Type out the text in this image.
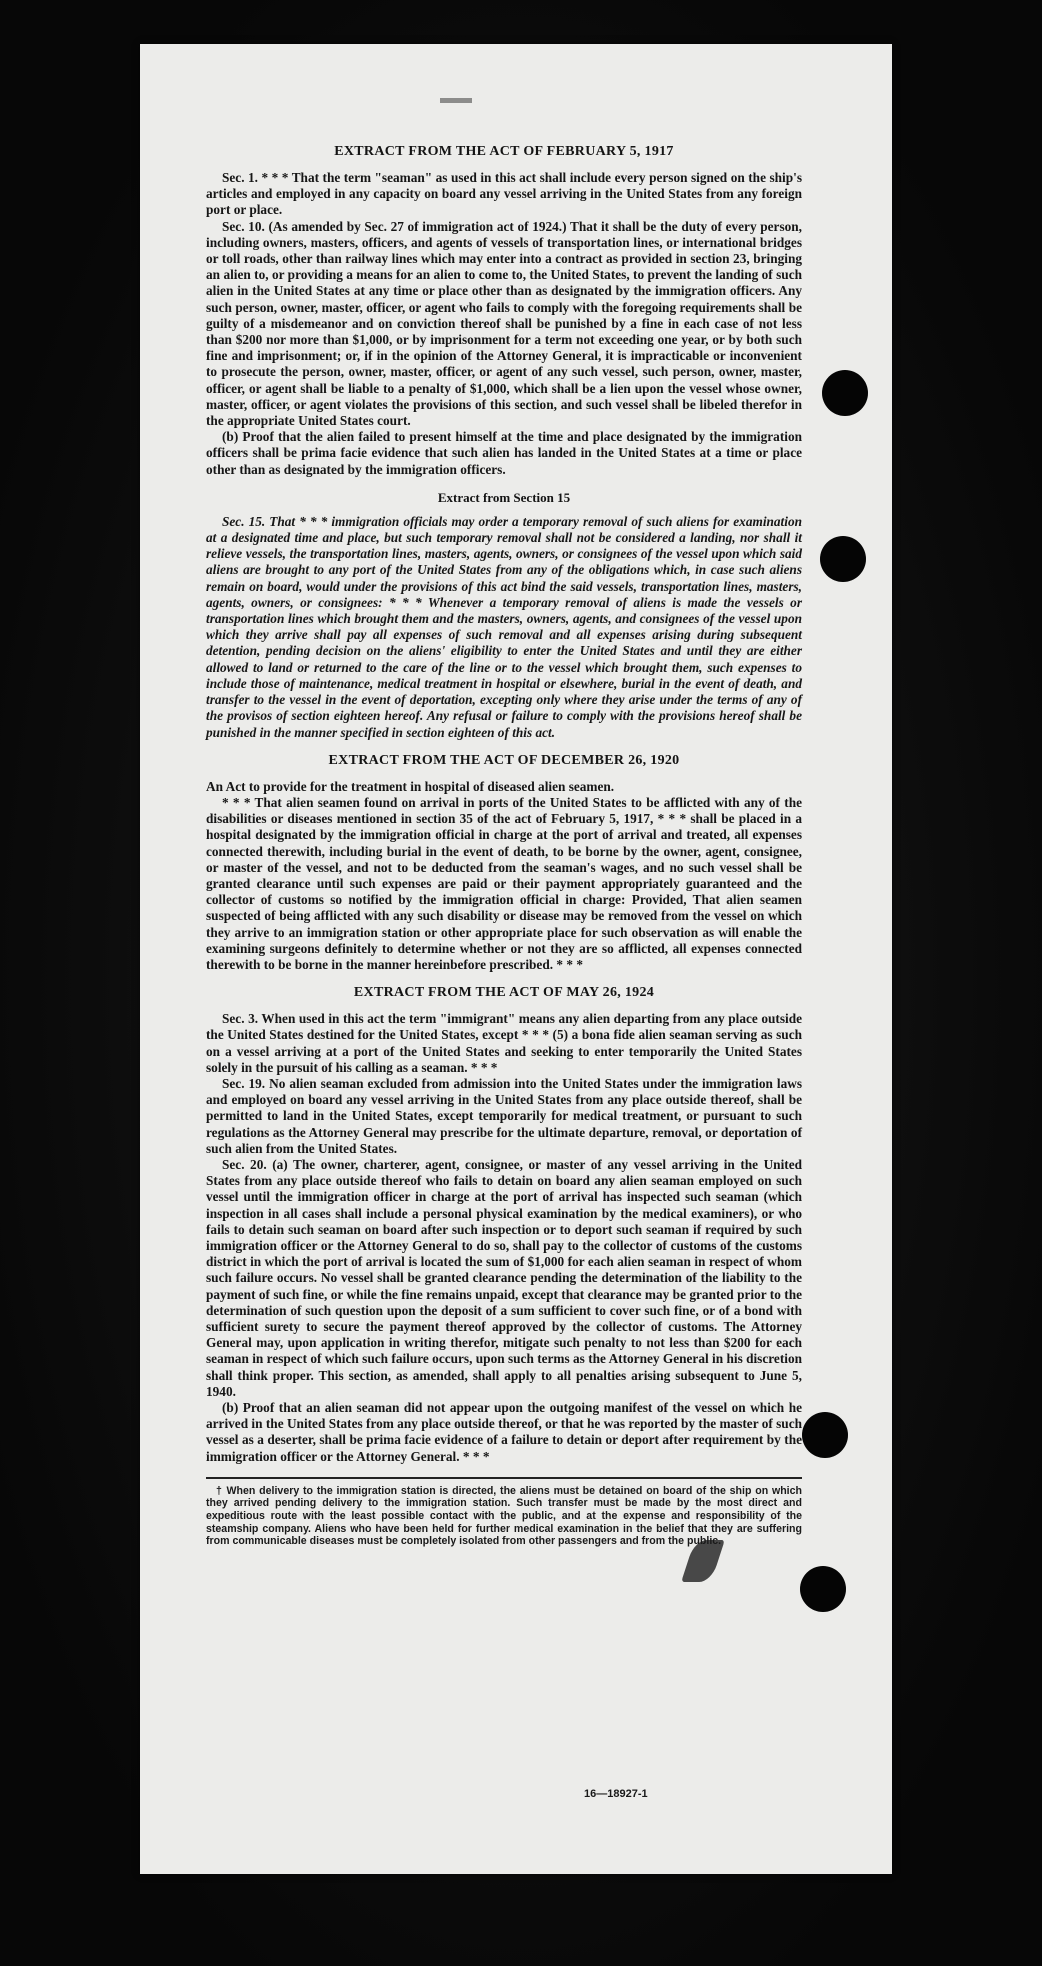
EXTRACT FROM THE ACT OF FEBRUARY 5, 1917

Sec. 1. * * * That the term "seaman" as used in this act shall include every person signed on the ship's articles and employed in any capacity on board any vessel arriving in the United States from any foreign port or place.

Sec. 10. (As amended by Sec. 27 of immigration act of 1924.) That it shall be the duty of every person, including owners, masters, officers, and agents of vessels of transportation lines, or international bridges or toll roads, other than railway lines which may enter into a contract as provided in section 23, bringing an alien to, or providing a means for an alien to come to, the United States, to prevent the landing of such alien in the United States at any time or place other than as designated by the immigration officers. Any such person, owner, master, officer, or agent who fails to comply with the foregoing requirements shall be guilty of a misdemeanor and on conviction thereof shall be punished by a fine in each case of not less than $200 nor more than $1,000, or by imprisonment for a term not exceeding one year, or by both such fine and imprisonment; or, if in the opinion of the Attorney General, it is impracticable or inconvenient to prosecute the person, owner, master, officer, or agent of any such vessel, such person, owner, master, officer, or agent shall be liable to a penalty of $1,000, which shall be a lien upon the vessel whose owner, master, officer, or agent violates the provisions of this section, and such vessel shall be libeled therefor in the appropriate United States court.

(b) Proof that the alien failed to present himself at the time and place designated by the immigration officers shall be prima facie evidence that such alien has landed in the United States at a time or place other than as designated by the immigration officers.

Extract from Section 15

Sec. 15. That * * * immigration officials may order a temporary removal of such aliens for examination at a designated time and place, but such temporary removal shall not be considered a landing, nor shall it relieve vessels, the transportation lines, masters, agents, owners, or consignees of the vessel upon which said aliens are brought to any port of the United States from any of the obligations which, in case such aliens remain on board, would under the provisions of this act bind the said vessels, transportation lines, masters, agents, owners, or consignees: * * * Whenever a temporary removal of aliens is made the vessels or transportation lines which brought them and the masters, owners, agents, and consignees of the vessel upon which they arrive shall pay all expenses of such removal and all expenses arising during subsequent detention, pending decision on the aliens' eligibility to enter the United States and until they are either allowed to land or returned to the care of the line or to the vessel which brought them, such expenses to include those of maintenance, medical treatment in hospital or elsewhere, burial in the event of death, and transfer to the vessel in the event of deportation, excepting only where they arise under the terms of any of the provisos of section eighteen hereof. Any refusal or failure to comply with the provisions hereof shall be punished in the manner specified in section eighteen of this act.

EXTRACT FROM THE ACT OF DECEMBER 26, 1920

An Act to provide for the treatment in hospital of diseased alien seamen.

* * * That alien seamen found on arrival in ports of the United States to be afflicted with any of the disabilities or diseases mentioned in section 35 of the act of February 5, 1917, * * * shall be placed in a hospital designated by the immigration official in charge at the port of arrival and treated, all expenses connected therewith, including burial in the event of death, to be borne by the owner, agent, consignee, or master of the vessel, and not to be deducted from the seaman's wages, and no such vessel shall be granted clearance until such expenses are paid or their payment appropriately guaranteed and the collector of customs so notified by the immigration official in charge: Provided, That alien seamen suspected of being afflicted with any such disability or disease may be removed from the vessel on which they arrive to an immigration station or other appropriate place for such observation as will enable the examining surgeons definitely to determine whether or not they are so afflicted, all expenses connected therewith to be borne in the manner hereinbefore prescribed. * * *

EXTRACT FROM THE ACT OF MAY 26, 1924

Sec. 3. When used in this act the term "immigrant" means any alien departing from any place outside the United States destined for the United States, except * * * (5) a bona fide alien seaman serving as such on a vessel arriving at a port of the United States and seeking to enter temporarily the United States solely in the pursuit of his calling as a seaman. * * *

Sec. 19. No alien seaman excluded from admission into the United States under the immigration laws and employed on board any vessel arriving in the United States from any place outside thereof, shall be permitted to land in the United States, except temporarily for medical treatment, or pursuant to such regulations as the Attorney General may prescribe for the ultimate departure, removal, or deportation of such alien from the United States.

Sec. 20. (a) The owner, charterer, agent, consignee, or master of any vessel arriving in the United States from any place outside thereof who fails to detain on board any alien seaman employed on such vessel until the immigration officer in charge at the port of arrival has inspected such seaman (which inspection in all cases shall include a personal physical examination by the medical examiners), or who fails to detain such seaman on board after such inspection or to deport such seaman if required by such immigration officer or the Attorney General to do so, shall pay to the collector of customs of the customs district in which the port of arrival is located the sum of $1,000 for each alien seaman in respect of whom such failure occurs. No vessel shall be granted clearance pending the determination of the liability to the payment of such fine, or while the fine remains unpaid, except that clearance may be granted prior to the determination of such question upon the deposit of a sum sufficient to cover such fine, or of a bond with sufficient surety to secure the payment thereof approved by the collector of customs. The Attorney General may, upon application in writing therefor, mitigate such penalty to not less than $200 for each seaman in respect of which such failure occurs, upon such terms as the Attorney General in his discretion shall think proper. This section, as amended, shall apply to all penalties arising subsequent to June 5, 1940.

(b) Proof that an alien seaman did not appear upon the outgoing manifest of the vessel on which he arrived in the United States from any place outside thereof, or that he was reported by the master of such vessel as a deserter, shall be prima facie evidence of a failure to detain or deport after requirement by the immigration officer or the Attorney General. * * *

† When delivery to the immigration station is directed, the aliens must be detained on board of the ship on which they arrived pending delivery to the immigration station. Such transfer must be made by the most direct and expeditious route with the least possible contact with the public, and at the expense and responsibility of the steamship company. Aliens who have been held for further medical examination in the belief that they are suffering from communicable diseases must be completely isolated from other passengers and from the public.

16—18927-1
